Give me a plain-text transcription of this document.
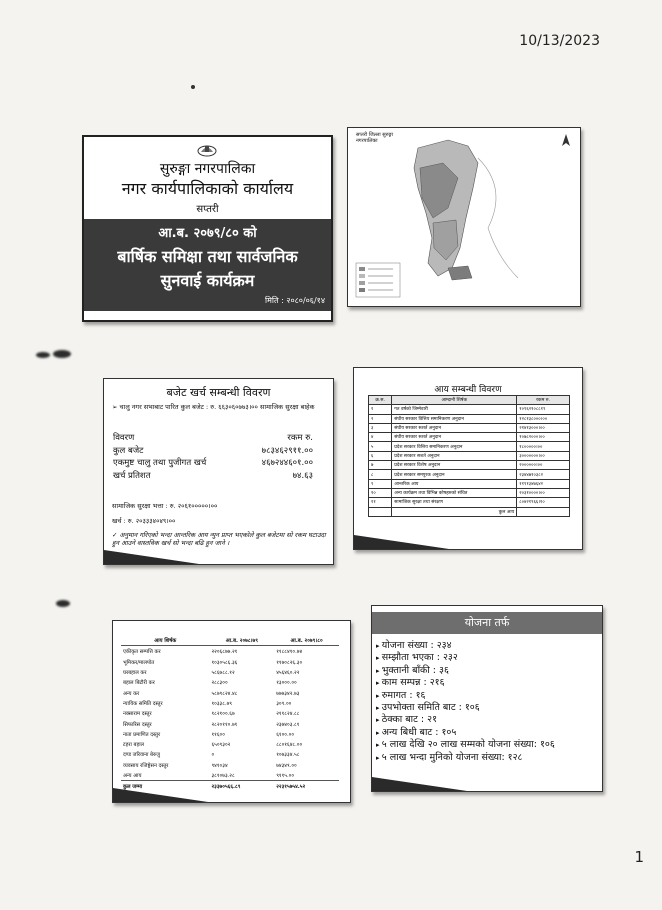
10/13/2023
सुरुङ्गा नगरपालिका
नगर कार्यपालिकाको कार्यालय
सप्तरी
आ.ब. २०७९/८० को
बार्षिक समिक्षा तथा सार्वजनिक
सुनवाई कार्यक्रम
मिति : २०८०/०६/१४
सप्तरी जिल्ला सुरुङ्गा नगरपालिका
बजेट खर्च सम्बन्धी विवरण
➢ चालु नगर सभाबाट पारित कुल बजेट : रु. ६६३०६०७७३।०० सामाजिक सुरक्षा बाहेक
विवरण	रकम रु.
कुल बजेट	७८३४६२९११.००
एकमुष्ट चालु तथा पुजीगत खर्च	४६७२४४६०१.००
खर्च प्रतिशत	७४.६३
सामाजिक सुरक्षा भत्ता : रु. २०६१०००००।००
खर्च : रु. २०३३३४०४९।००
✓ अनुमान गरिएको भन्दा आन्तरिक आय न्युन प्राप्त भएकोले कुल बजेटमा सो रकम घटाउदा हुन आउने वास्तविक खर्च सो भन्दा बढि हुन जाने ।
आय सम्बन्धी विवरण
क्र.स.	आम्दानी शिर्षक	रकम रु.
१	गत वर्षको जिम्मेवारी	१०९६२१०८८१९
२	संघीय सरकार वित्तिय समानिकरण अनुदान	१२८१३८०००।००
३	संघीय सरकार सशर्त अनुदान	२१४१३०००।००
४	संघीय सरकार सशर्त अनुदान	१०७८२०००।००
५	प्रदेश सरकार वित्तिय समानिकरण अनुदान	१८०००००।००
६	प्रदेश सरकार सशर्त अनुदान	३०००००००।००
७	प्रदेश सरकार विशेष अनुदान	२००००००।००
८	प्रदेश सरकार समपुरक अनुदान	२३४४७१०३८२
९	आन्तरिक आय	११९१३४७६४२
१०	अन्य कार्यक्रम तथा विभिन्न कोषहरुको संचित	२०३१००००।००
११	सामाजिक सुरक्षा तथा संरक्षण	८०४२१९६६।१०
	कुल आय	
आय शिर्षक	आ.ब. २०७८।७९	आ.ब. २०७९।८०
एकीकृत सम्पत्ति कर	२२०६८७७.२१	११८८४१०.७४
भूमिकर/मालपोत	१०३०५८६.३६	११७०८२६.३०
घरबहाल कर	५८६७८८.१२	४५६४६०.२२
बहाल बिटौरी कर	२८८३००	१३०००.००
अन्य कर	५८७९८२४.४८	७७७३४२.७३
न्यायिक समिति दस्तुर	१०३३८.७९	३०९.००
नक्साराम दस्तुर	१८२१००.६७	२११८२४.८८
सिफारिस दस्तुर	२८२०११०.७१	२३७४०३.८१
नाता प्रमाणित दस्तुर	११६००	६१००.००
टहरा बहाल	६५०९३०२	८८०१६४८.००
दण्ड जरिवाना बेरुजु	०	१०७३३४.५८
व्यवसाय रजिष्ट्रेसन दस्तुर	९४१०३४	७४३४९.००
अन्य आय	३८१०७३.२८	९११५.००
कुल जम्मा	२३३७०५६६.८९	२२३१५७५४.५२
योजना तर्फ
▸ योजना संख्या : २३४
▸ सम्झौता भएका : २३२
▸ भुक्तानी बाँकी : ३६
▸ काम सम्पन्न : २१६
▸ रुमागत : १६
▸ उपभोक्ता समिति बाट : १०६
▸ ठेक्का बाट : २१
▸ अन्य बिधी बाट : १०५
▸ ५ लाख देखि २० लाख सम्मको योजना संख्या: १०६
▸ ५ लाख भन्दा मुनिको योजना संख्या: १२८
1
